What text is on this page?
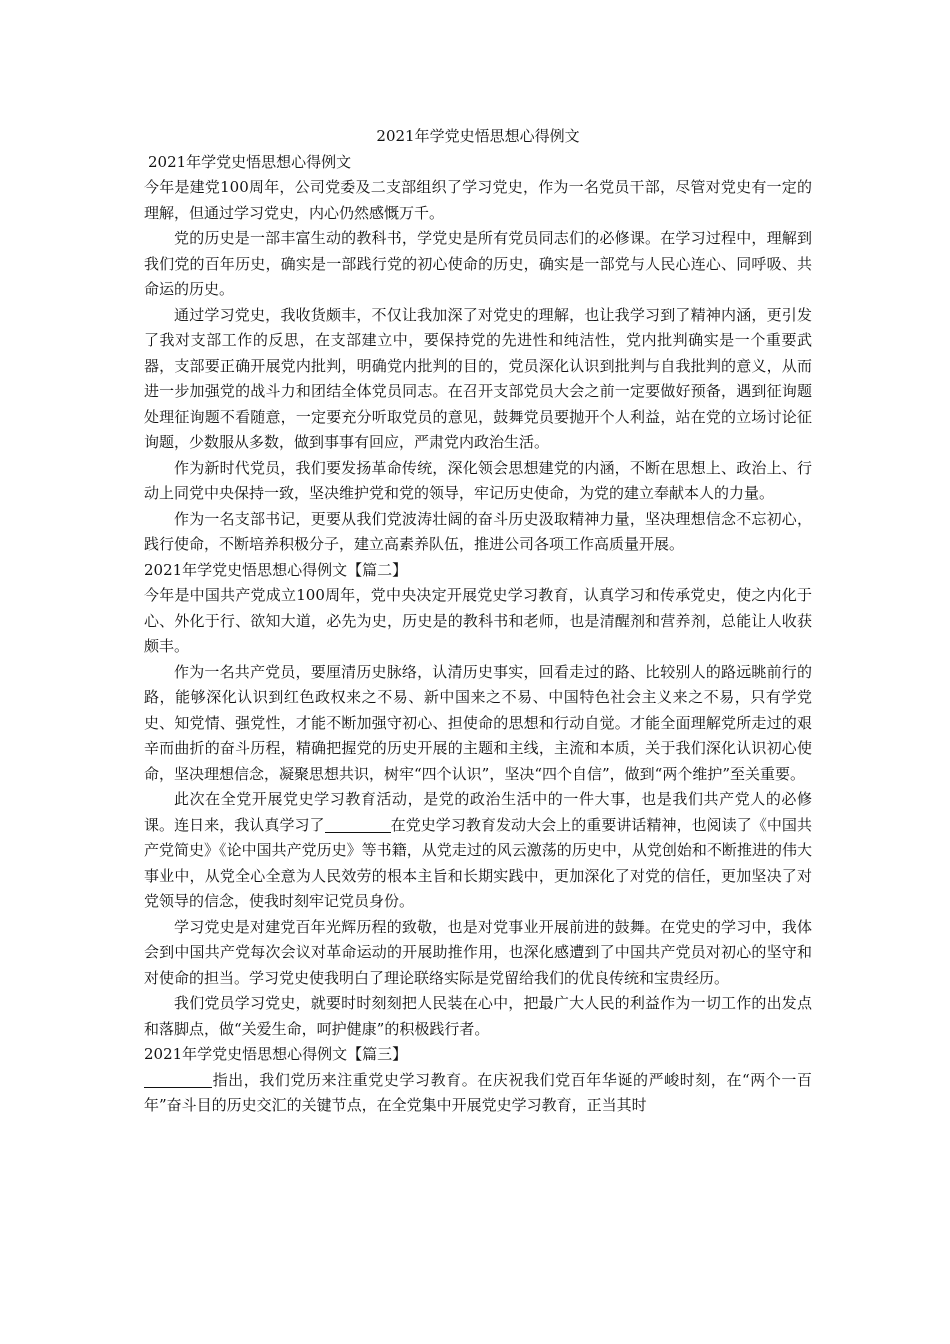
2021年学党史悟思想心得例文

2021年学党史悟思想心得例文

今年是建党100周年，公司党委及二支部组织了学习党史，作为一名党员干部，尽管对党史有一定的理解，但通过学习党史，内心仍然感慨万千。

党的历史是一部丰富生动的教科书，学党史是所有党员同志们的必修课。在学习过程中，理解到我们党的百年历史，确实是一部践行党的初心使命的历史，确实是一部党与人民心连心、同呼吸、共命运的历史。

通过学习党史，我收货颇丰，不仅让我加深了对党史的理解，也让我学习到了精神内涵，更引发了我对支部工作的反思，在支部建立中，要保持党的先进性和纯洁性，党内批判确实是一个重要武器，支部要正确开展党内批判，明确党内批判的目的，党员深化认识到批判与自我批判的意义，从而进一步加强党的战斗力和团结全体党员同志。在召开支部党员大会之前一定要做好预备，遇到征询题处理征询题不看随意，一定要充分听取党员的意见，鼓舞党员要抛开个人利益，站在党的立场讨论征询题，少数服从多数，做到事事有回应，严肃党内政治生活。

作为新时代党员，我们要发扬革命传统，深化领会思想建党的内涵，不断在思想上、政治上、行动上同党中央保持一致，坚决维护党和党的领导，牢记历史使命，为党的建立奉献本人的力量。

作为一名支部书记，更要从我们党波涛壮阔的奋斗历史汲取精神力量，坚决理想信念不忘初心，践行使命，不断培养积极分子，建立高素养队伍，推进公司各项工作高质量开展。

2021年学党史悟思想心得例文【篇二】

今年是中国共产党成立100周年，党中央决定开展党史学习教育，认真学习和传承党史，使之内化于心、外化于行、欲知大道，必先为史，历史是的教科书和老师，也是清醒剂和营养剂，总能让人收获颇丰。

作为一名共产党员，要厘清历史脉络，认清历史事实，回看走过的路、比较别人的路远眺前行的路，能够深化认识到红色政权来之不易、新中国来之不易、中国特色社会主义来之不易，只有学党史、知党情、强党性，才能不断加强守初心、担使命的思想和行动自觉。才能全面理解党所走过的艰辛而曲折的奋斗历程，精确把握党的历史开展的主题和主线，主流和本质，关于我们深化认识初心使命，坚决理想信念，凝聚思想共识，树牢“四个认识”，坚决“四个自信”，做到“两个维护”至关重要。

此次在全党开展党史学习教育活动，是党的政治生活中的一件大事，也是我们共产党人的必修课。连日来，我认真学习了	在党史学习教育发动大会上的重要讲话精神，也阅读了《中国共产党简史》《论中国共产党历史》等书籍，从党走过的风云激荡的历史中，从党创始和不断推进的伟大事业中，从党全心全意为人民效劳的根本主旨和长期实践中，更加深化了对党的信任，更加坚决了对党领导的信念，使我时刻牢记党员身份。

学习党史是对建党百年光辉历程的致敬，也是对党事业开展前进的鼓舞。在党史的学习中，我体会到中国共产党每次会议对革命运动的开展助推作用，也深化感遭到了中国共产党员对初心的坚守和对使命的担当。学习党史使我明白了理论联络实际是党留给我们的优良传统和宝贵经历。

我们党员学习党史，就要时时刻刻把人民装在心中，把最广大人民的利益作为一切工作的出发点和落脚点，做“关爱生命，呵护健康”的积极践行者。

2021年学党史悟思想心得例文【篇三】

指出，我们党历来注重党史学习教育。在庆祝我们党百年华诞的严峻时刻，在“两个一百年”奋斗目的历史交汇的关键节点，在全党集中开展党史学习教育，正当其时
